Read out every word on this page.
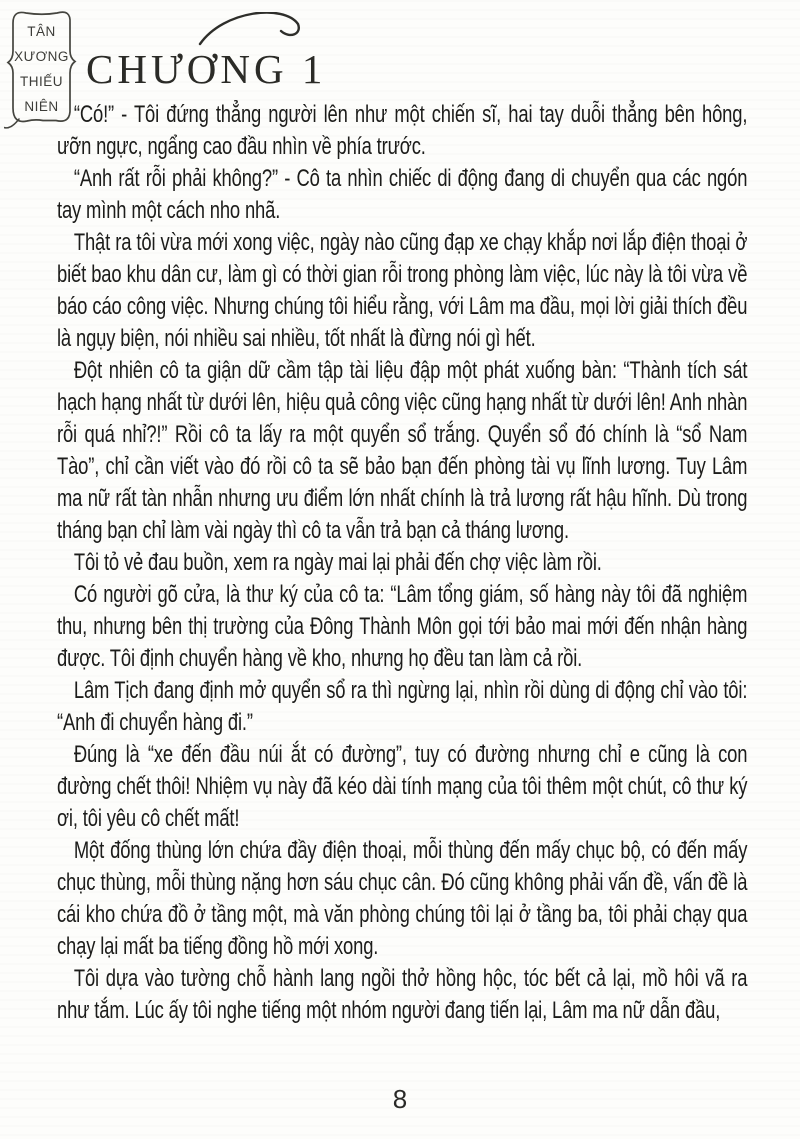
TÂN
XƯƠNG
THIẾU
NIÊN
CHƯƠNG 1

“Có!” - Tôi đứng thẳng người lên như một chiến sĩ, hai tay duỗi thẳng bên hông, ưỡn ngực, ngẩng cao đầu nhìn về phía trước.

“Anh rất rỗi phải không?” - Cô ta nhìn chiếc di động đang di chuyển qua các ngón tay mình một cách nho nhã.

Thật ra tôi vừa mới xong việc, ngày nào cũng đạp xe chạy khắp nơi lắp điện thoại ở biết bao khu dân cư, làm gì có thời gian rỗi trong phòng làm việc, lúc này là tôi vừa về báo cáo công việc. Nhưng chúng tôi hiểu rằng, với Lâm ma đầu, mọi lời giải thích đều là ngụy biện, nói nhiều sai nhiều, tốt nhất là đừng nói gì hết.

Đột nhiên cô ta giận dữ cầm tập tài liệu đập một phát xuống bàn: “Thành tích sát hạch hạng nhất từ dưới lên, hiệu quả công việc cũng hạng nhất từ dưới lên! Anh nhàn rỗi quá nhỉ?!” Rồi cô ta lấy ra một quyển sổ trắng. Quyển sổ đó chính là “sổ Nam Tào”, chỉ cần viết vào đó rồi cô ta sẽ bảo bạn đến phòng tài vụ lĩnh lương. Tuy Lâm ma nữ rất tàn nhẫn nhưng ưu điểm lớn nhất chính là trả lương rất hậu hĩnh. Dù trong tháng bạn chỉ làm vài ngày thì cô ta vẫn trả bạn cả tháng lương.

Tôi tỏ vẻ đau buồn, xem ra ngày mai lại phải đến chợ việc làm rồi.

Có người gõ cửa, là thư ký của cô ta: “Lâm tổng giám, số hàng này tôi đã nghiệm thu, nhưng bên thị trường của Đông Thành Môn gọi tới bảo mai mới đến nhận hàng được. Tôi định chuyển hàng về kho, nhưng họ đều tan làm cả rồi.

Lâm Tịch đang định mở quyển sổ ra thì ngừng lại, nhìn rồi dùng di động chỉ vào tôi: “Anh đi chuyển hàng đi.”

Đúng là “xe đến đầu núi ắt có đường”, tuy có đường nhưng chỉ e cũng là con đường chết thôi! Nhiệm vụ này đã kéo dài tính mạng của tôi thêm một chút, cô thư ký ơi, tôi yêu cô chết mất!

Một đống thùng lớn chứa đầy điện thoại, mỗi thùng đến mấy chục bộ, có đến mấy chục thùng, mỗi thùng nặng hơn sáu chục cân. Đó cũng không phải vấn đề, vấn đề là cái kho chứa đồ ở tầng một, mà văn phòng chúng tôi lại ở tầng ba, tôi phải chạy qua chạy lại mất ba tiếng đồng hồ mới xong.

Tôi dựa vào tường chỗ hành lang ngồi thở hồng hộc, tóc bết cả lại, mồ hôi vã ra như tắm. Lúc ấy tôi nghe tiếng một nhóm người đang tiến lại, Lâm ma nữ dẫn đầu,

8
